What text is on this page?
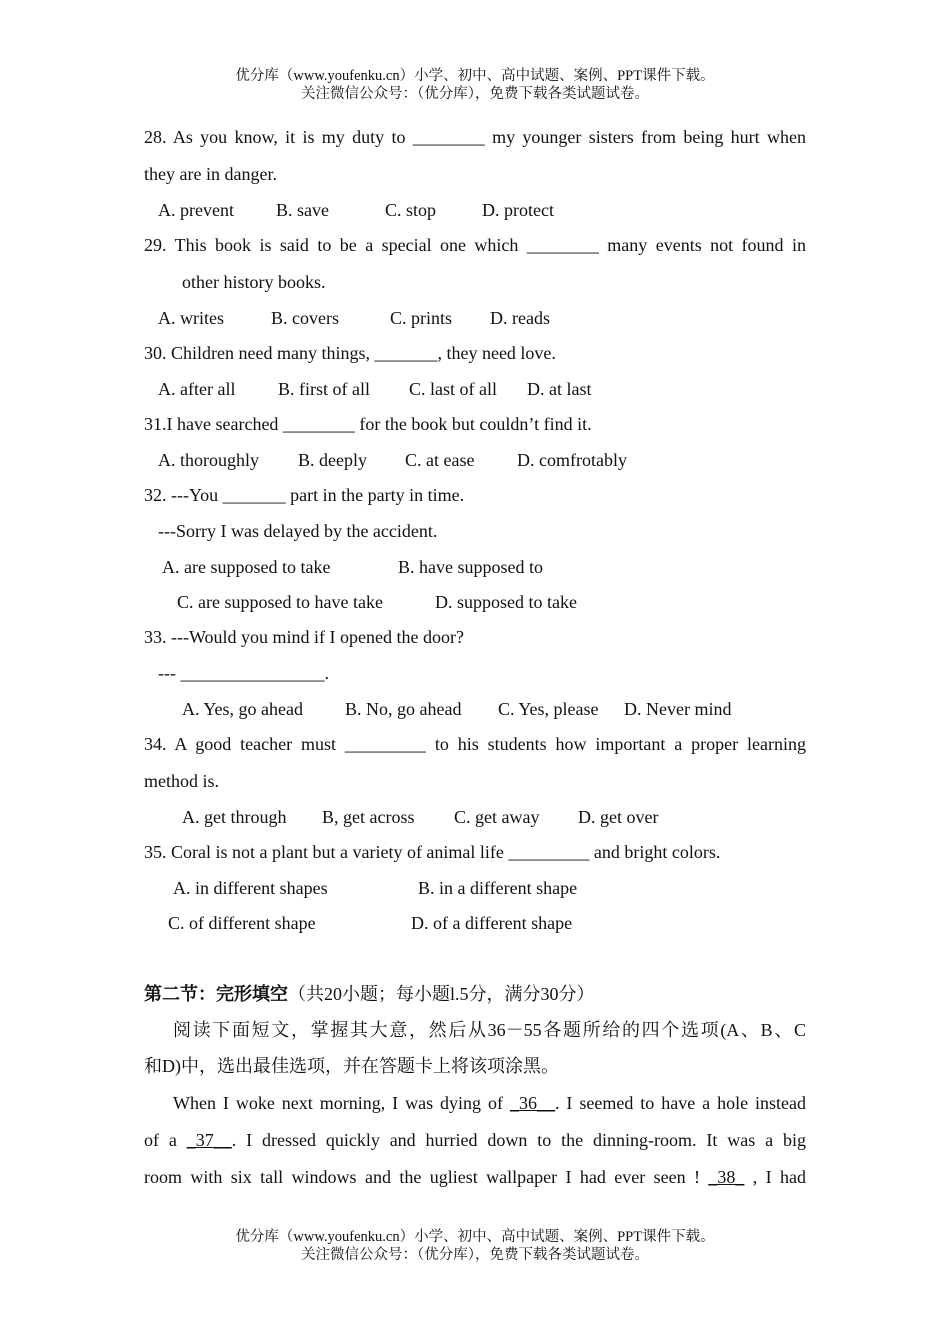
优分库（www.youfenku.cn）小学、初中、高中试题、案例、PPT课件下载。
关注微信公众号：（优分库），免费下载各类试题试卷。
28. As you know, it is my duty to ________ my younger sisters from being hurt when
they are in danger.
A. prevent B. save	C. stop	D. protect
29. This book is said to be a special one which ________ many events not found in
other history books.
A. writes	B. covers	C. prints D. reads
30. Children need many things, _______, they need love.
A. after all B. first of all C. last of all D. at last
31.I have searched ________ for the book but couldn’t find it.
A. thoroughly B. deeply C. at ease D. comfrotably
32. ---You _______ part in the party in time.
---Sorry I was delayed by the accident.
A. are supposed to take	B. have supposed to
C. are supposed to have take	D. supposed to take
33. ---Would you mind if I opened the door?
--- ________________.
A. Yes, go ahead B. No, go ahead C. Yes, please D. Never mind
34. A good teacher must _________ to his students how important a proper learning
method is.
A. get through B, get across C. get away D. get over
35. Coral is not a plant but a variety of animal life _________ and bright colors.
A. in different shapes	B. in a different shape
C. of different shape	D. of a different shape
第二节：完形填空（共20小题；每小题l.5分，满分30分）
阅读下面短文，掌握其大意，然后从36－55各题所给的四个选项(A、B、C
和D)中，选出最佳选项，并在答题卡上将该项涂黑。
When I woke next morning, I was dying of _36__. I seemed to have a hole instead
of a _37__. I dressed quickly and hurried down to the dinning-room. It was a big
room with six tall windows and the ugliest wallpaper I had ever seen ! _38_ , I had
优分库（www.youfenku.cn）小学、初中、高中试题、案例、PPT课件下载。
关注微信公众号：（优分库），免费下载各类试题试卷。
